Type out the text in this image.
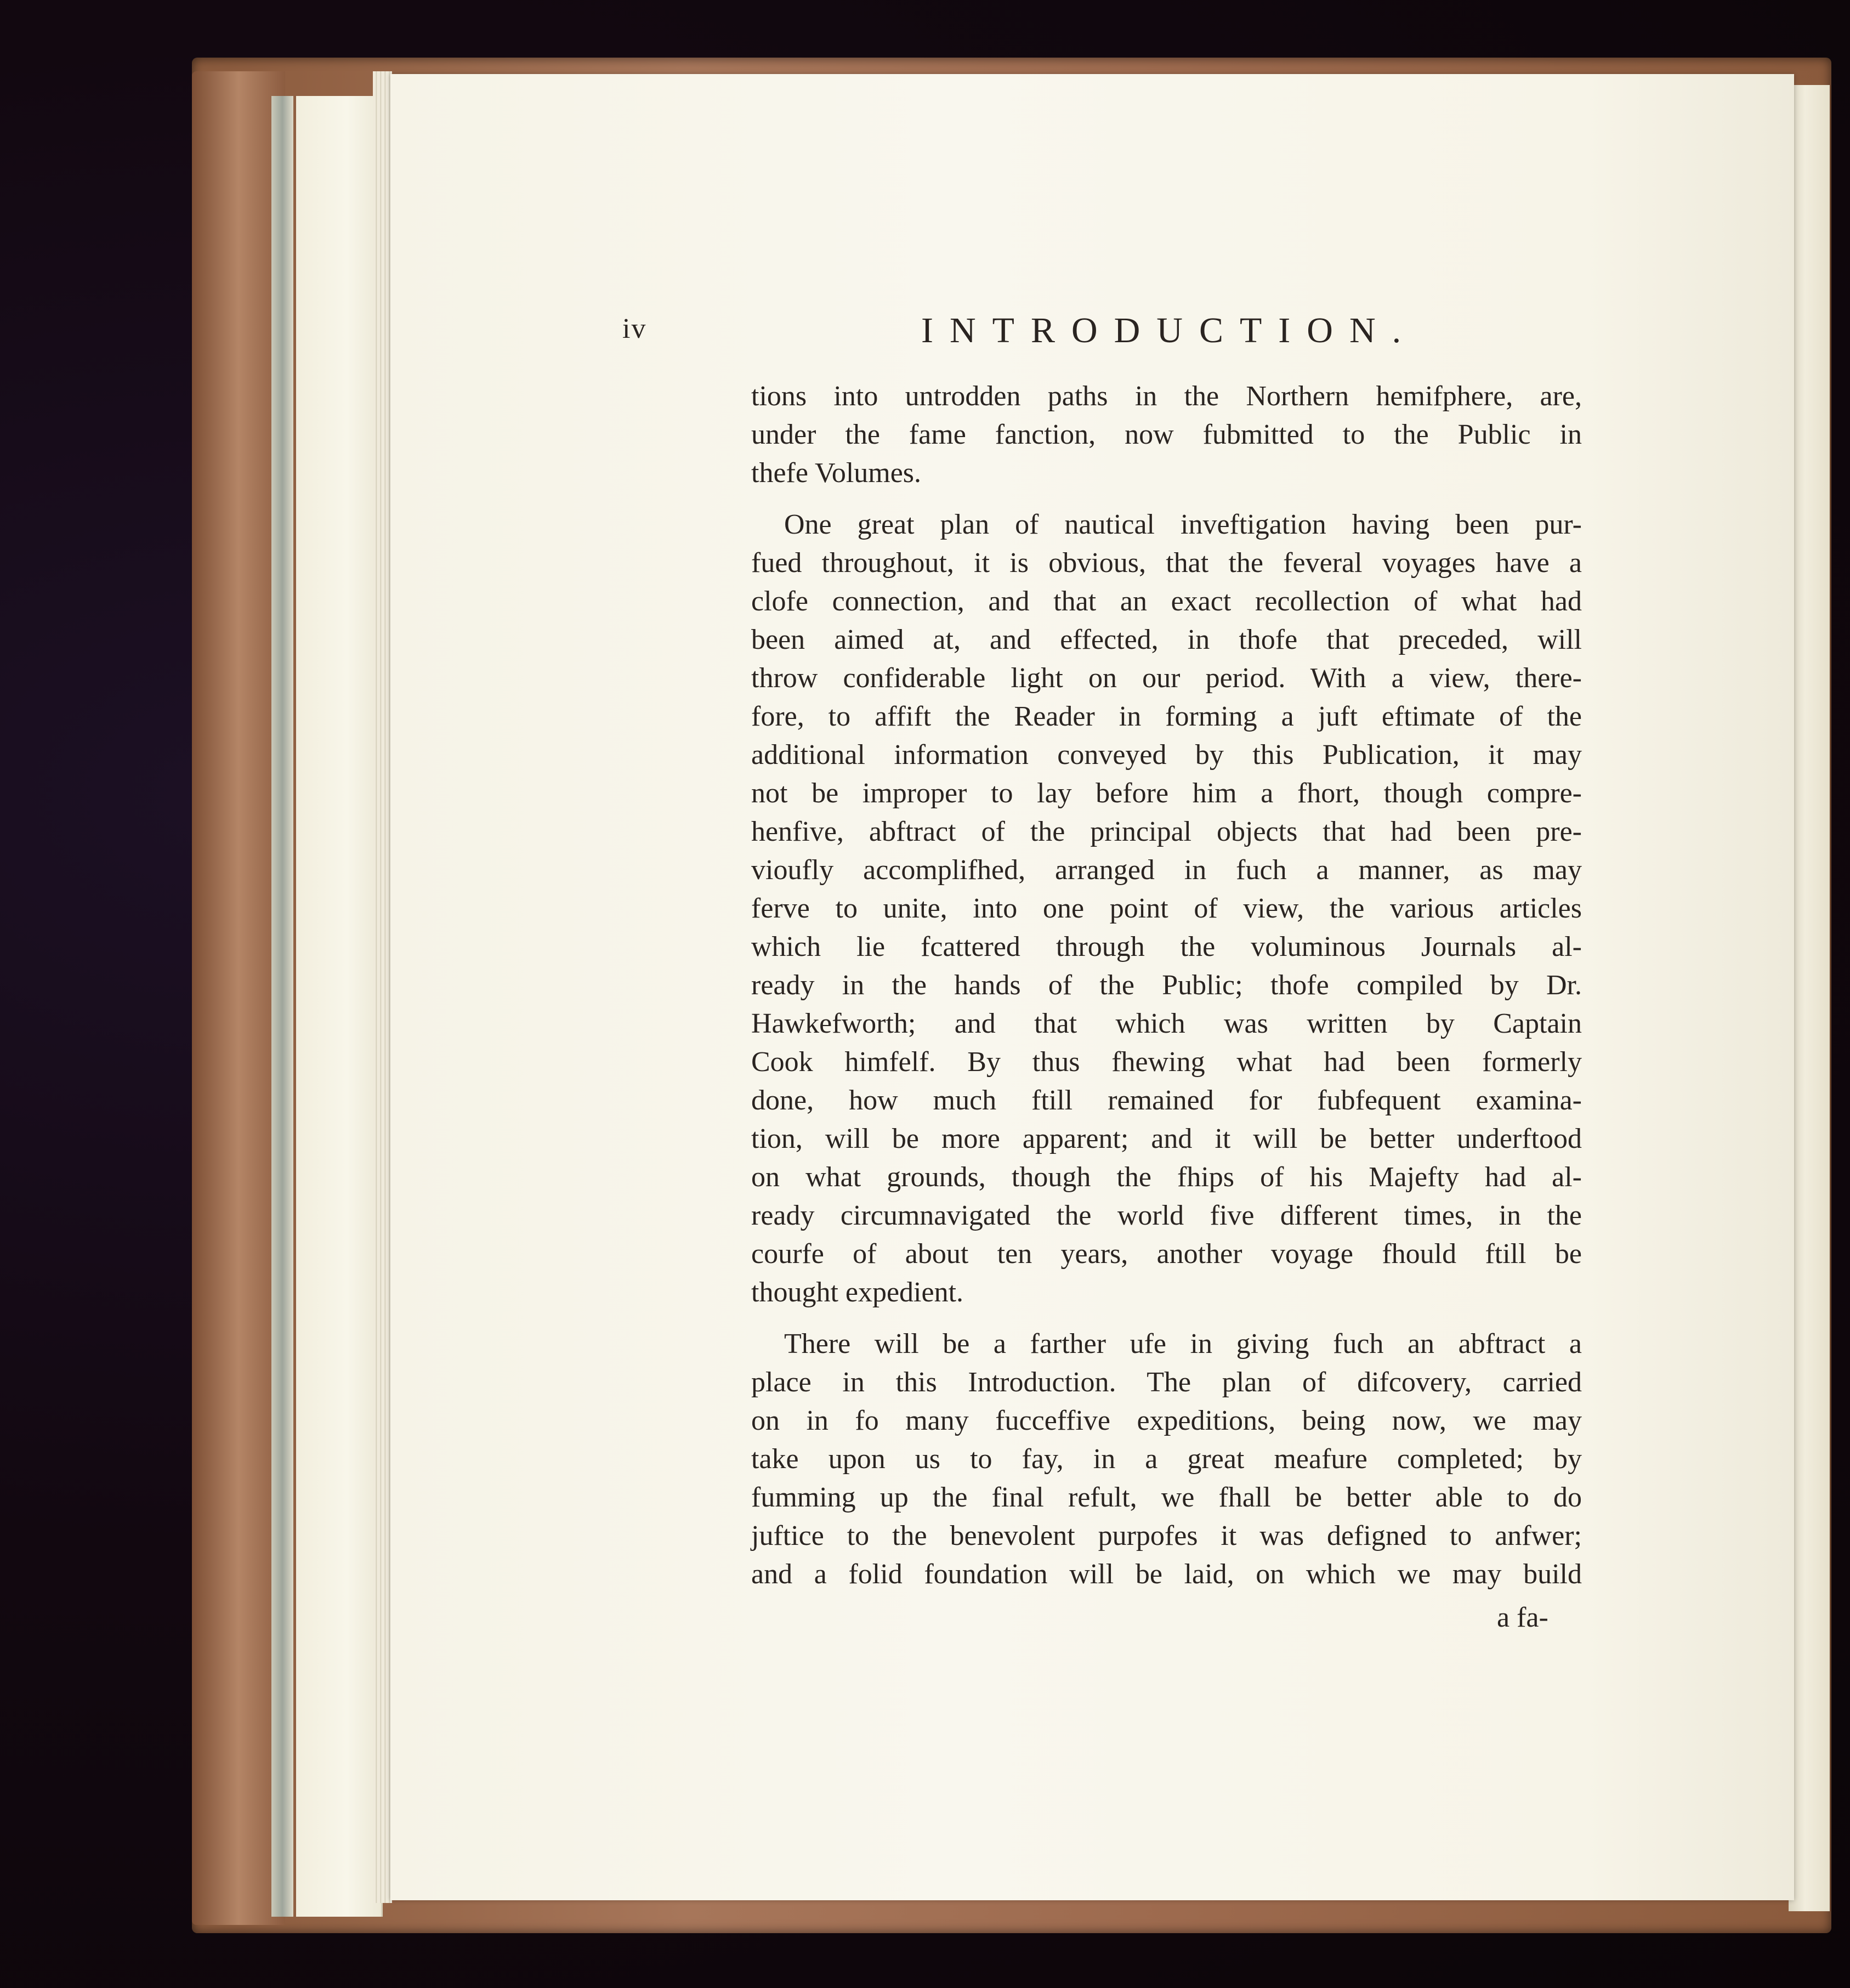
iv	INTRODUCTION.

tions into untrodden paths in the Northern hemifphere, are,
under the fame fanction, now fubmitted to the Public in
thefe Volumes.

One great plan of nautical inveftigation having been pur-
fued throughout, it is obvious, that the feveral voyages have a
clofe connection, and that an exact recollection of what had
been aimed at, and effected, in thofe that preceded, will
throw confiderable light on our period. With a view, there-
fore, to affift the Reader in forming a juft eftimate of the
additional information conveyed by this Publication, it may
not be improper to lay before him a fhort, though compre-
henfive, abftract of the principal objects that had been pre-
vioufly accomplifhed, arranged in fuch a manner, as may
ferve to unite, into one point of view, the various articles
which lie fcattered through the voluminous Journals al-
ready in the hands of the Public; thofe compiled by Dr.
Hawkefworth; and that which was written by Captain
Cook himfelf. By thus fhewing what had been formerly
done, how much ftill remained for fubfequent examina-
tion, will be more apparent; and it will be better underftood
on what grounds, though the fhips of his Majefty had al-
ready circumnavigated the world five different times, in the
courfe of about ten years, another voyage fhould ftill be
thought expedient.

There will be a farther ufe in giving fuch an abftract a
place in this Introduction. The plan of difcovery, carried
on in fo many fucceffive expeditions, being now, we may
take upon us to fay, in a great meafure completed; by
fumming up the final refult, we fhall be better able to do
juftice to the benevolent purpofes it was defigned to anfwer;
and a folid foundation will be laid, on which we may build

a fa-
